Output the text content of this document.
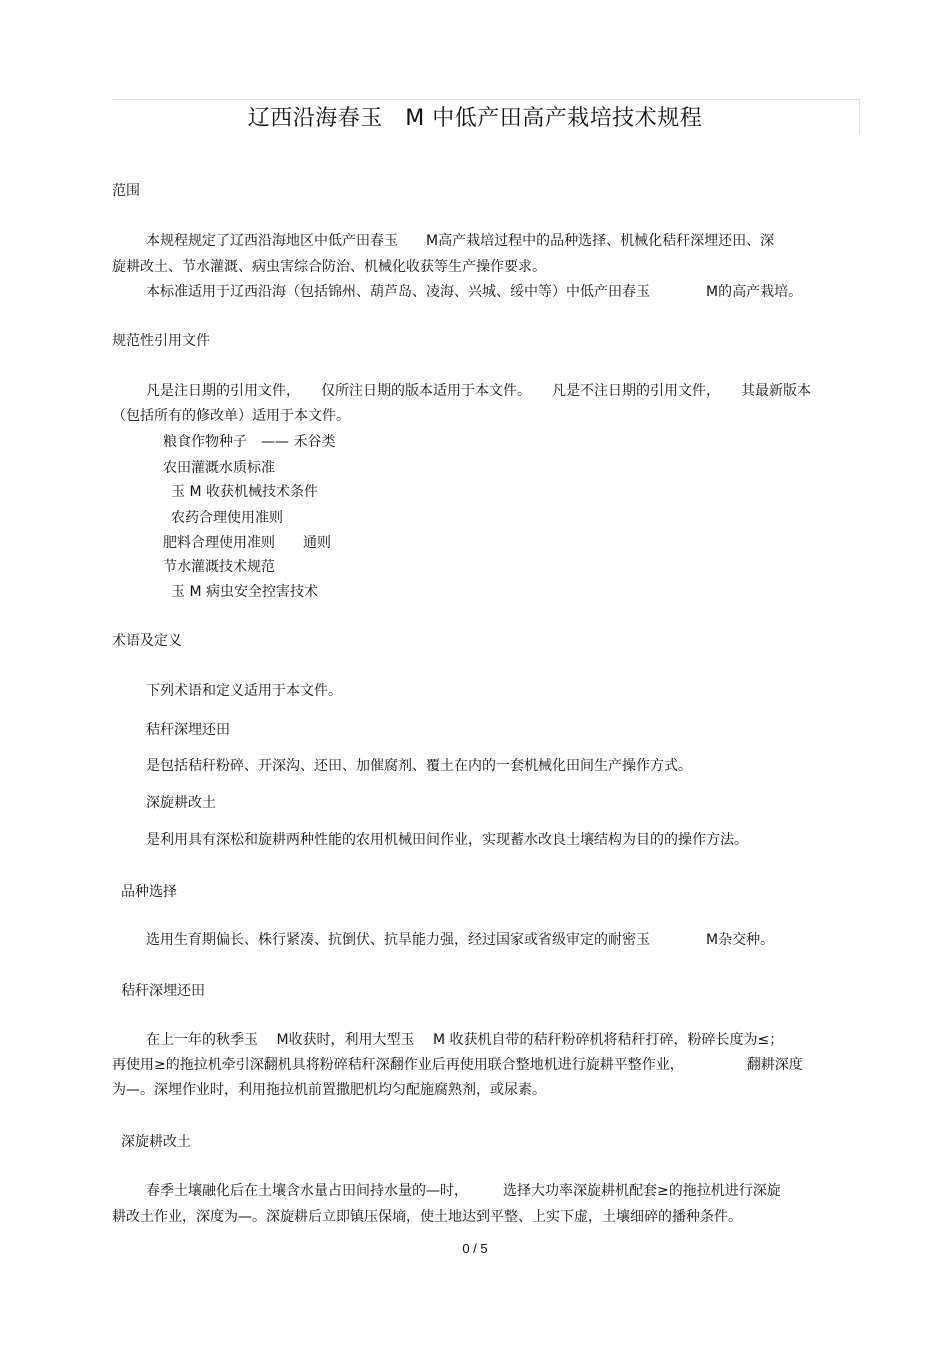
辽西沿海春玉　M 中低产田高产栽培技术规程
范围
本规程规定了辽西沿海地区中低产田春玉　　M高产栽培过程中的品种选择、机械化秸秆深埋还田、深
旋耕改土、节水灌溉、病虫害综合防治、机械化收获等生产操作要求。
本标准适用于辽西沿海（包括锦州、葫芦岛、凌海、兴城、绥中等）中低产田春玉　　　　M的高产栽培。
规范性引用文件
凡是注日期的引用文件，　　仅所注日期的版本适用于本文件。　　凡是不注日期的引用文件，　　其最新版本
（包括所有的修改单）适用于本文件。
粮食作物种子　—— 禾谷类
农田灌溉水质标准
玉 M 收获机械技术条件
农药合理使用准则
肥料合理使用准则　　通则
节水灌溉技术规范
玉 M 病虫安全控害技术
术语及定义
下列术语和定义适用于本文件。
秸秆深埋还田
是包括秸秆粉碎、开深沟、还田、加催腐剂、覆土在内的一套机械化田间生产操作方式。
深旋耕改土
是利用具有深松和旋耕两种性能的农用机械田间作业，实现蓄水改良土壤结构为目的的操作方法。
品种选择
选用生育期偏长、株行紧凑、抗倒伏、抗旱能力强，经过国家或省级审定的耐密玉　　　　M杂交种。
秸秆深埋还田
在上一年的秋季玉　 M收获时，利用大型玉　 M 收获机自带的秸秆粉碎机将秸秆打碎，粉碎长度为≤；
再使用≥的拖拉机牵引深翻机具将粉碎秸秆深翻作业后再使用联合整地机进行旋耕平整作业，　　　　　翻耕深度
为—。深埋作业时，利用拖拉机前置撒肥机均匀配施腐熟剂，或尿素。
深旋耕改土
春季土壤融化后在土壤含水量占田间持水量的—时，　　　选择大功率深旋耕机配套≥的拖拉机进行深旋
耕改土作业，深度为—。深旋耕后立即镇压保墒，使土地达到平整、上实下虚，土壤细碎的播种条件。
0 / 5
